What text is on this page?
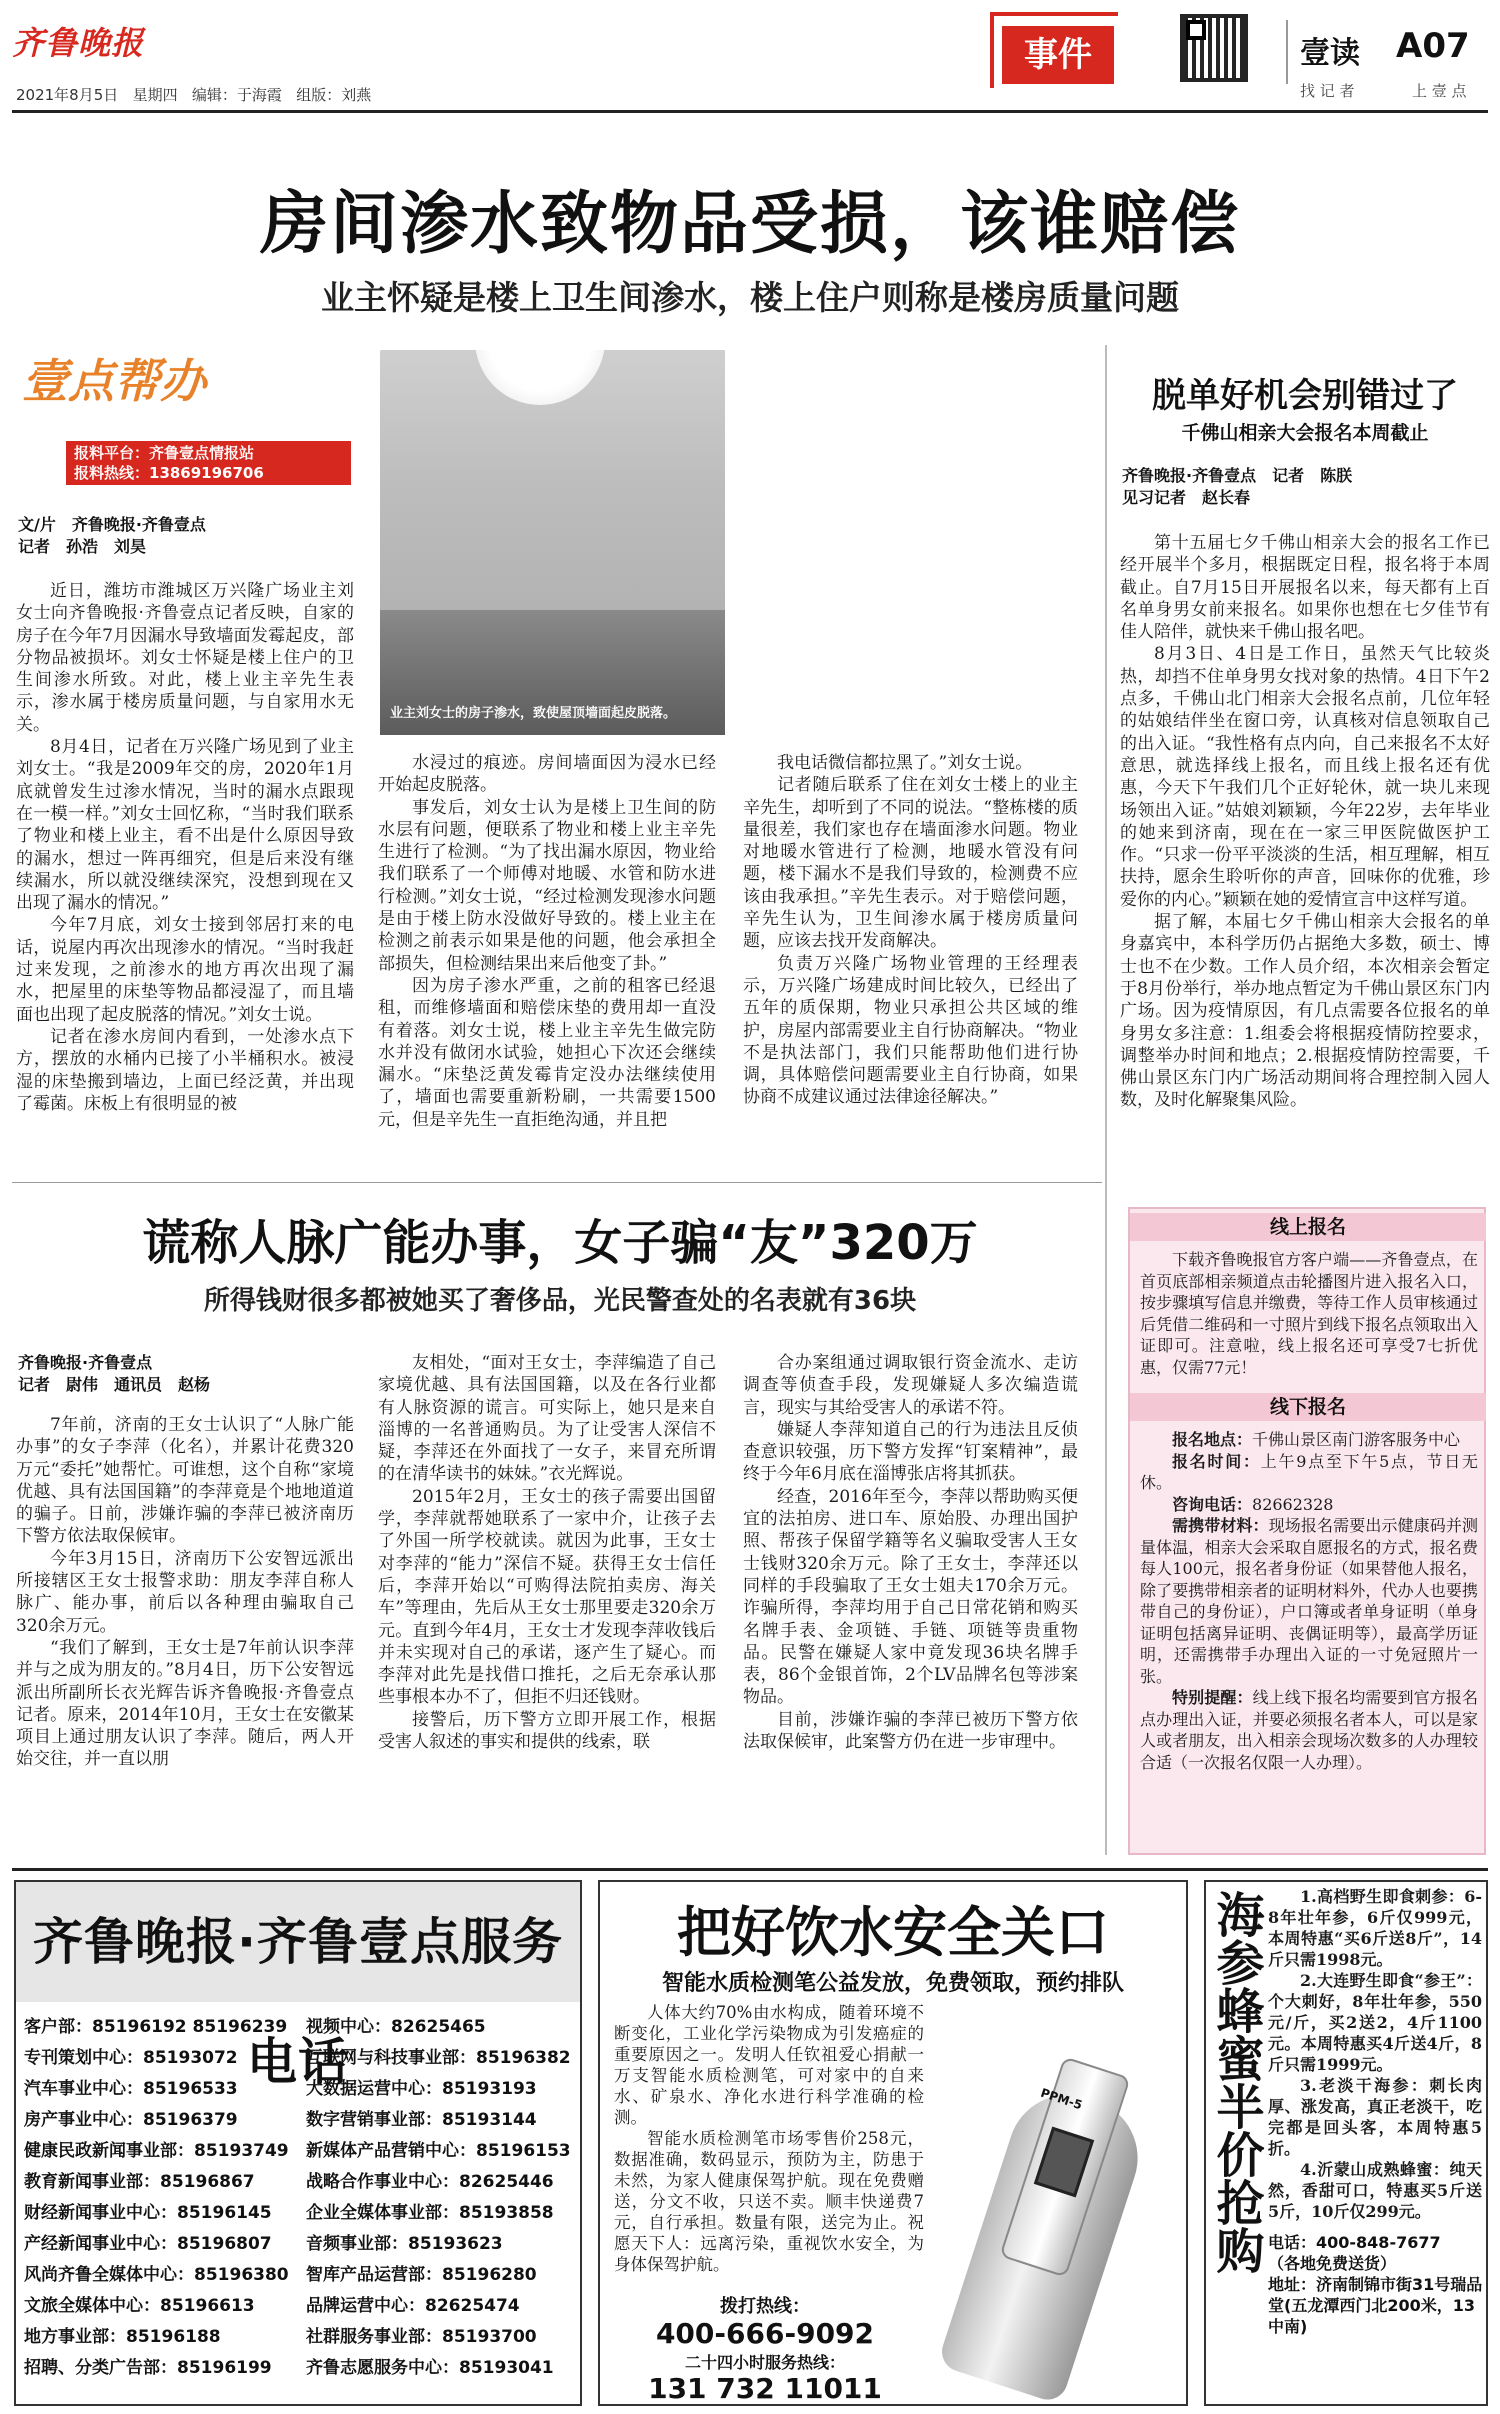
齐鲁晚报
2021年8月5日 星期四 编辑：于海霞 组版：刘燕
事件	壹读 A07
找 记 者	上 壹 点
房间渗水致物品受损，该谁赔偿
业主怀疑是楼上卫生间渗水，楼上住户则称是楼房质量问题
壹点帮办
报料平台：齐鲁壹点情报站
报料热线：13869196706
文/片　齐鲁晚报·齐鲁壹点
记者　孙浩　刘昊

近日，潍坊市潍城区万兴隆广场业主刘女士向齐鲁晚报·齐鲁壹点记者反映，自家的房子在今年7月因漏水导致墙面发霉起皮，部分物品被损坏。刘女士怀疑是楼上住户的卫生间渗水所致。对此，楼上业主辛先生表示，渗水属于楼房质量问题，与自家用水无关。

8月4日，记者在万兴隆广场见到了业主刘女士。“我是2009年交的房，2020年1月底就曾发生过渗水情况，当时的漏水点跟现在一模一样。”刘女士回忆称，“当时我们联系了物业和楼上业主，看不出是什么原因导致的漏水，想过一阵再细究，但是后来没有继续漏水，所以就没继续深究，没想到现在又出现了漏水的情况。”

今年7月底，刘女士接到邻居打来的电话，说屋内再次出现渗水的情况。“当时我赶过来发现，之前渗水的地方再次出现了漏水，把屋里的床垫等物品都浸湿了，而且墙面也出现了起皮脱落的情况。”刘女士说。

记者在渗水房间内看到，一处渗水点下方，摆放的水桶内已接了小半桶积水。被浸湿的床垫搬到墙边，上面已经泛黄，并出现了霉菌。床板上有很明显的被

业主刘女士的房子渗水，致使屋顶墙面起皮脱落。

水浸过的痕迹。房间墙面因为浸水已经开始起皮脱落。

事发后，刘女士认为是楼上卫生间的防水层有问题，便联系了物业和楼上业主辛先生进行了检测。“为了找出漏水原因，物业给我们联系了一个师傅对地暖、水管和防水进行检测。”刘女士说，“经过检测发现渗水问题是由于楼上防水没做好导致的。楼上业主在检测之前表示如果是他的问题，他会承担全部损失，但检测结果出来后他变了卦。”

因为房子渗水严重，之前的租客已经退租，而维修墙面和赔偿床垫的费用却一直没有着落。刘女士说，楼上业主辛先生做完防水并没有做闭水试验，她担心下次还会继续漏水。“床垫泛黄发霉肯定没办法继续使用了，墙面也需要重新粉刷，一共需要1500元，但是辛先生一直拒绝沟通，并且把

我电话微信都拉黑了。”刘女士说。

记者随后联系了住在刘女士楼上的业主辛先生，却听到了不同的说法。“整栋楼的质量很差，我们家也存在墙面渗水问题。物业对地暖水管进行了检测，地暖水管没有问题，楼下漏水不是我们导致的，检测费不应该由我承担。”辛先生表示。对于赔偿问题，辛先生认为，卫生间渗水属于楼房质量问题，应该去找开发商解决。

负责万兴隆广场物业管理的王经理表示，万兴隆广场建成时间比较久，已经出了五年的质保期，物业只承担公共区域的维护，房屋内部需要业主自行协商解决。“物业不是执法部门，我们只能帮助他们进行协调，具体赔偿问题需要业主自行协商，如果协商不成建议通过法律途径解决。”

脱单好机会别错过了
千佛山相亲大会报名本周截止
齐鲁晚报·齐鲁壹点　记者　陈朕
见习记者　赵长春

第十五届七夕千佛山相亲大会的报名工作已经开展半个多月，根据既定日程，报名将于本周截止。自7月15日开展报名以来，每天都有上百名单身男女前来报名。如果你也想在七夕佳节有佳人陪伴，就快来千佛山报名吧。

8月3日、4日是工作日，虽然天气比较炎热，却挡不住单身男女找对象的热情。4日下午2点多，千佛山北门相亲大会报名点前，几位年轻的姑娘结伴坐在窗口旁，认真核对信息领取自己的出入证。“我性格有点内向，自己来报名不太好意思，就选择线上报名，而且线上报名还有优惠，今天下午我们几个正好轮休，就一块儿来现场领出入证。”姑娘刘颖颖，今年22岁，去年毕业的她来到济南，现在在一家三甲医院做医护工作。“只求一份平平淡淡的生活，相互理解，相互扶持，愿余生聆听你的声音，回味你的优雅，珍爱你的内心。”颖颖在她的爱情宣言中这样写道。

据了解，本届七夕千佛山相亲大会报名的单身嘉宾中，本科学历仍占据绝大多数，硕士、博士也不在少数。工作人员介绍，本次相亲会暂定于8月份举行，举办地点暂定为千佛山景区东门内广场。因为疫情原因，有几点需要各位报名的单身男女多注意：1.组委会将根据疫情防控要求，调整举办时间和地点；2.根据疫情防控需要，千佛山景区东门内广场活动期间将合理控制入园人数，及时化解聚集风险。

线上报名

下载齐鲁晚报官方客户端——齐鲁壹点，在首页底部相亲频道点击轮播图片进入报名入口，按步骤填写信息并缴费，等待工作人员审核通过后凭借二维码和一寸照片到线下报名点领取出入证即可。注意啦，线上报名还可享受7七折优惠，仅需77元！

线下报名

报名地点：千佛山景区南门游客服务中心

报名时间：上午9点至下午5点，节日无休。

咨询电话：82662328

需携带材料：现场报名需要出示健康码并测量体温，相亲大会采取自愿报名的方式，报名费每人100元，报名者身份证（如果替他人报名，除了要携带相亲者的证明材料外，代办人也要携带自己的身份证），户口簿或者单身证明（单身证明包括离异证明、丧偶证明等），最高学历证明，还需携带手办理出入证的一寸免冠照片一张。

特别提醒：线上线下报名均需要到官方报名点办理出入证，并要必须报名者本人，可以是家人或者朋友，出入相亲会现场次数多的人办理较合适（一次报名仅限一人办理）。

谎称人脉广能办事，女子骗“友”320万
所得钱财很多都被她买了奢侈品，光民警查处的名表就有36块
齐鲁晚报·齐鲁壹点
记者　尉伟　通讯员　赵杨

7年前，济南的王女士认识了“人脉广能办事”的女子李萍（化名），并累计花费320万元“委托”她帮忙。可谁想，这个自称“家境优越、具有法国国籍”的李萍竟是个地地道道的骗子。日前，涉嫌诈骗的李萍已被济南历下警方依法取保候审。

今年3月15日，济南历下公安智远派出所接辖区王女士报警求助：朋友李萍自称人脉广、能办事，前后以各种理由骗取自己320余万元。

“我们了解到，王女士是7年前认识李萍并与之成为朋友的。”8月4日，历下公安智远派出所副所长衣光辉告诉齐鲁晚报·齐鲁壹点记者。原来，2014年10月，王女士在安徽某项目上通过朋友认识了李萍。随后，两人开始交往，并一直以朋

友相处，“面对王女士，李萍编造了自己家境优越、具有法国国籍，以及在各行业都有人脉资源的谎言。可实际上，她只是来自淄博的一名普通购员。为了让受害人深信不疑，李萍还在外面找了一女子，来冒充所谓的在清华读书的妹妹。”衣光辉说。

2015年2月，王女士的孩子需要出国留学，李萍就帮她联系了一家中介，让孩子去了外国一所学校就读。就因为此事，王女士对李萍的“能力”深信不疑。获得王女士信任后，李萍开始以“可购得法院拍卖房、海关车”等理由，先后从王女士那里要走320余万元。直到今年4月，王女士才发现李萍收钱后并未实现对自己的承诺，逐产生了疑心。而李萍对此先是找借口推托，之后无奈承认那些事根本办不了，但拒不归还钱财。

接警后，历下警方立即开展工作，根据受害人叙述的事实和提供的线索，联

合办案组通过调取银行资金流水、走访调查等侦查手段，发现嫌疑人多次编造谎言，现实与其给受害人的承诺不符。

嫌疑人李萍知道自己的行为违法且反侦查意识较强，历下警方发挥“钉案精神”，最终于今年6月底在淄博张店将其抓获。

经查，2016年至今，李萍以帮助购买便宜的法拍房、进口车、原始股、办理出国护照、帮孩子保留学籍等名义骗取受害人王女士钱财320余万元。除了王女士，李萍还以同样的手段骗取了王女士姐夫170余万元。诈骗所得，李萍均用于自己日常花销和购买名牌手表、金项链、手链、项链等贵重物品。民警在嫌疑人家中竟发现36块名牌手表，86个金银首饰，2个LV品牌名包等涉案物品。

目前，涉嫌诈骗的李萍已被历下警方依法取保候审，此案警方仍在进一步审理中。

齐鲁晚报·齐鲁壹点服务电话
客户部：85196192 85196239
专刊策划中心：85193072
汽车事业中心：85196533
房产事业中心：85196379
健康民政新闻事业部：85193749
教育新闻事业部：85196867
财经新闻事业中心：85196145
产经新闻事业中心：85196807
风尚齐鲁全媒体中心：85196380
文旅全媒体中心：85196613
地方事业部：85196188
招聘、分类广告部：85196199
视频中心：82625465
互联网与科技事业部：85196382
大数据运营中心：85193193
数字营销事业部：85193144
新媒体产品营销中心：85196153
战略合作事业中心：82625446
企业全媒体事业部：85193858
音频事业部：85193623
智库产品运营部：85196280
品牌运营中心：82625474
社群服务事业部：85193700
齐鲁志愿服务中心：85193041
把好饮水安全关口
智能水质检测笔公益发放，免费领取，预约排队

人体大约70%由水构成，随着环境不断变化，工业化学污染物成为引发癌症的重要原因之一。发明人任钦祖爱心捐献一万支智能水质检测笔，可对家中的自来水、矿泉水、净化水进行科学准确的检测。

智能水质检测笔市场零售价258元，数据准确，数码显示，预防为主，防患于未然，为家人健康保驾护航。现在免费赠送，分文不收，只送不卖。顺丰快递费7元，自行承担。数量有限，送完为止。祝愿天下人：远离污染，重视饮水安全，为身体保驾护航。

PPM-5
拨打热线：
400-666-9092
二十四小时服务热线：
131 732 11011
海参蜂蜜半价抢购	1.高档野生即食刺参：6-8年壮年参，6斤仅999元，本周特惠“买6斤送8斤”，14斤只需1998元。

2.大连野生即食“参王”：个大刺好，8年壮年参，550元/斤，买2送2，4斤1100元。本周特惠买4斤送4斤，8斤只需1999元。

3.老淡干海参：刺长肉厚、涨发高，真正老淡干，吃完都是回头客，本周特惠5折。

4.沂蒙山成熟蜂蜜：纯天然，香甜可口，特惠买5斤送5斤，10斤仅299元。

电话：400-848-7677
（各地免费送货）
地址：济南制锦市街31号瑞品堂(五龙潭西门北200米，13中南)
